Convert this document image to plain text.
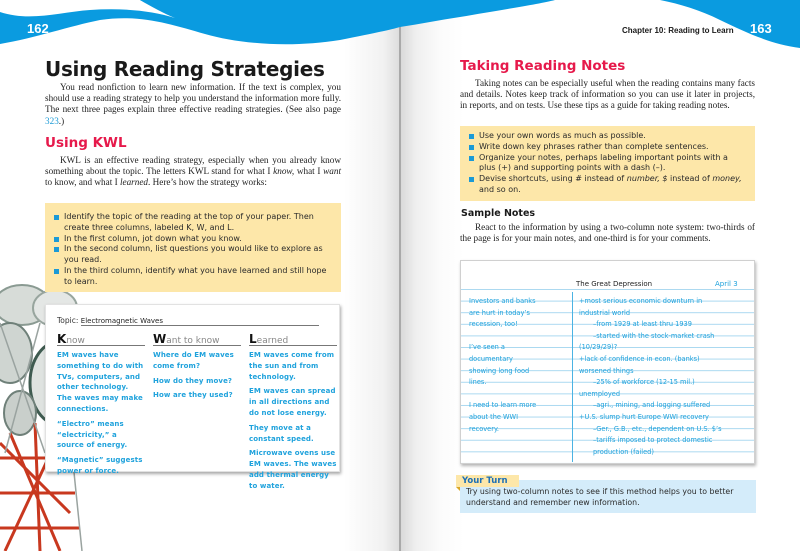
Using Reading Strategies

You read nonfiction to learn new information. If the text is complex, you should use a reading strategy to help you understand the information more fully. The next three pages explain three effective reading strategies. (See also page 323.)

Using KWL

KWL is an effective reading strategy, especially when you already know something about the topic. The letters KWL stand for what I know, what I want to know, and what I learned. Here’s how the strategy works:

Identify the topic of the reading at the top of your paper. Then create three columns, labeled K, W, and L.
In the first column, jot down what you know.
In the second column, list questions you would like to explore as you read.
In the third column, identify what you have learned and still hope to learn.
Topic: Electromagnetic Waves
Know

EM waves have something to do with TVs, computers, and other technology. The waves may make connections.

“Electro” means “electricity,” a source of energy.

“Magnetic” suggests power or force.

Want to know

Where do EM waves come from?

How do they move?

How are they used?

Learned

EM waves come from the sun and from technology.

EM waves can spread in all directions and do not lose energy.

They move at a constant speed.

Microwave ovens use EM waves. The waves add thermal energy to water.

162	Chapter 10: Reading to Learn 163
Taking Reading Notes

Taking notes can be especially useful when the reading contains many facts and details. Notes keep track of information so you can use it later in projects, in reports, and on tests. Use these tips as a guide for taking reading notes.

Use your own words as much as possible.
Write down key phrases rather than complete sentences.
Organize your notes, perhaps labeling important points with a plus (+) and supporting points with a dash (–).
Devise shortcuts, using # instead of number, $ instead of money, and so on.
Sample Notes

React to the information by using a two-column note system: two-thirds of the page is for your main notes, and one-third is for your comments.

The Great Depression	April 3
Investors and banks
are hurt in today’s
recession, too!
I’ve seen a
documentary
showing long food
lines.
I need to learn more
about the WWI
recovery.
+most serious economic downturn in
industrial world
–from 1929 at least thru 1939
–started with the stock-market crash
(10/29/29)?
+lack of confidence in econ. (banks)
worsened things
–25% of workforce (12-15 mil.)
unemployed
–agri., mining, and logging suffered
+U.S. slump hurt Europe WWI recovery
–Ger., G.B., etc., dependent on U.S. $’s
–tariffs imposed to protect domestic
production (failed)
Try using two-column notes to see if this method helps you to better understand and remember new information.
Your Turn
